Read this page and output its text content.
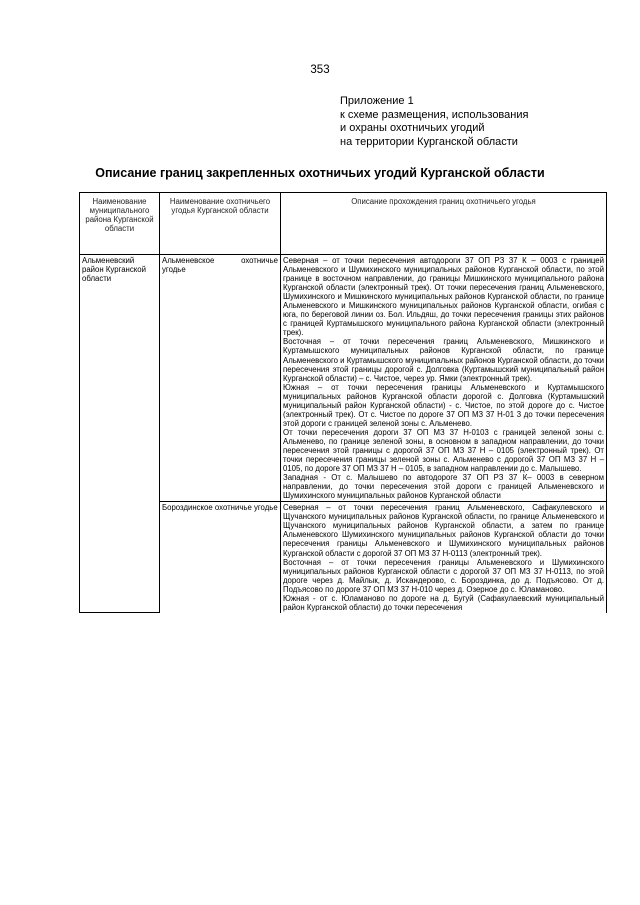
353
Приложение 1
к схеме размещения, использования
и охраны охотничьих угодий
на территории Курганской области
Описание границ закрепленных охотничьих угодий Курганской области
Наименование муниципального района Курганской области	Наименование охотничьего угодья Курганской области	Описание прохождения границ охотничьего угодья
Альменевский район Курганской области	Альменевское охотничье угодье	Северная – от точки пересечения автодороги 37 ОП РЗ 37 К – 0003 с границей Альменевского и Шумихинского муниципальных районов Курганской области, по этой границе в восточном направлении, до границы Мишкинского муниципального района Курганской области (электронный трек). От точки пересечения границ Альменевского, Шумихинского и Мишкинского муниципальных районов Курганской области, по границе Альменевского и Мишкинского муниципальных районов Курганской области, огибая с юга, по береговой линии оз. Бол. Ильдяш, до точки пересечения границы этих районов с границей Куртамышского муниципального района Курганской области (электронный трек).

Восточная – от точки пересечения границ Альменевского, Мишкинского и Куртамышского муниципальных районов Курганской области, по границе Альменевского и Куртамышского муниципальных районов Курганской области, до точки пересечения этой границы дорогой с. Долговка (Куртамышский муниципальный район Курганской области) – с. Чистое, через ур. Ямки (электронный трек).

Южная – от точки пересечения границы Альменевского и Куртамышского муниципальных районов Курганской области дорогой с. Долговка (Куртамышский муниципальный район Курганской области) - с. Чистое, по этой дороге до с. Чистое (электронный трек). От с. Чистое по дороге 37 ОП МЗ 37 Н-01 3 до точки пересечения этой дороги с границей зеленой зоны с. Альменево.

От точки пересечения дороги 37 ОП МЗ 37 Н-0103 с границей зеленой зоны с. Альменево, по границе зеленой зоны, в основном в западном направлении, до точки пересечения этой границы с дорогой 37 ОП МЗ 37 Н – 0105 (электронный трек). От точки пересечения границы зеленой зоны с. Альменево с дорогой 37 ОП МЗ 37 Н – 0105, по дороге 37 ОП МЗ 37 Н – 0105, в западном направлении до с. Малышево.

Западная - От с. Малышево по автодороге 37 ОП РЗ 37 К– 0003 в северном направлении, до точки пересечения этой дороги с границей Альменевского и Шумихинского муниципальных районов Курганской области

	Бороздинское охотничье угодье	Северная – от точки пересечения границ Альменевского, Сафакулевского и Щучанского муниципальных районов Курганской области, по границе Альменевского и Щучанского муниципальных районов Курганской области, а затем по границе Альменевского Шумихинского муниципальных районов Курганской области до точки пересечения границы Альменевского и Шумихинского муниципальных районов Курганской области с дорогой 37 ОП МЗ 37 Н-0113 (электронный трек).

Восточная – от точки пересечения границы Альменевского и Шумихинского муниципальных районов Курганской области с дорогой 37 ОП МЗ 37 Н-0113, по этой дороге через д. Майлык, д. Искандерово, с. Бороздинка, до д. Подъясово. От д. Подъясово по дороге 37 ОП МЗ 37 Н-010 через д. Озерное до с. Юламаново.

Южная - от с. Юламаново по дороге на д. Бугуй (Сафакулаевский муниципальный район Курганской области) до точки пересечения
